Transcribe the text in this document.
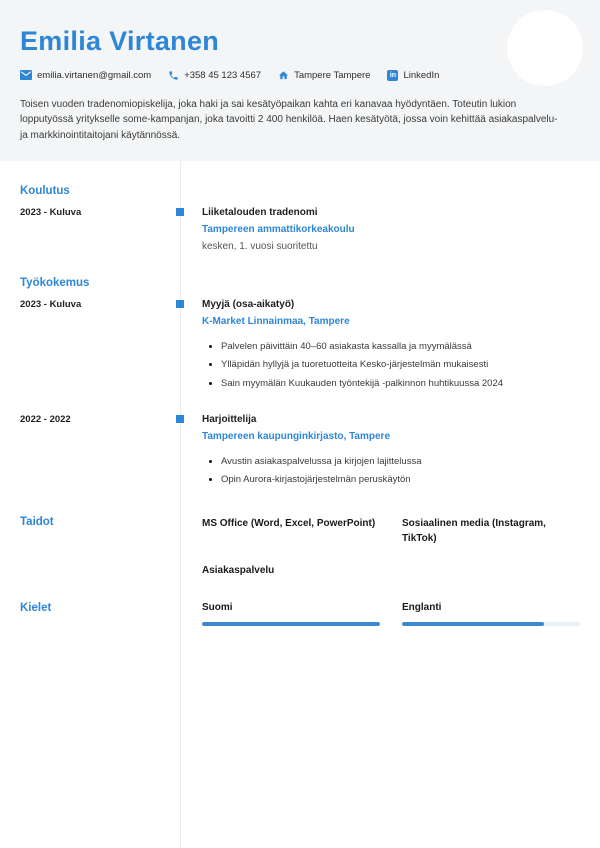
Emilia Virtanen
emilia.virtanen@gmail.com	+358 45 123 4567	Tampere Tampere	in LinkedIn
Toisen vuoden tradenomiopiskelija, joka haki ja sai kesätyöpaikan kahta eri kanavaa hyödyntäen. Toteutin lukion lopputyössä yritykselle some-kampanjan, joka tavoitti 2 400 henkilöä. Haen kesätyötä, jossa voin kehittää asiakaspalvelu- ja markkinointitaitojani käytännössä.
Koulutus
2023 - Kuluva	Liiketalouden tradenomi
Tampereen ammattikorkeakoulu
kesken, 1. vuosi suoritettu
Työkokemus
2023 - Kuluva	Myyjä (osa-aikatyö)
K-Market Linnainmaa, Tampere
• Palvelen päivittäin 40–60 asiakasta kassalla ja myymälässä
• Ylläpidän hyllyjä ja tuoretuotteita Kesko-järjestelmän mukaisesti
• Sain myymälän Kuukauden työntekijä -palkinnon huhtikuussa 2024
2022 - 2022	Harjoittelija
Tampereen kaupunginkirjasto, Tampere
• Avustin asiakaspalvelussa ja kirjojen lajittelussa
• Opin Aurora-kirjastojärjestelmän peruskäytön
Taidot	MS Office (Word, Excel, PowerPoint)	Sosiaalinen media (Instagram, TikTok)
Asiakaspalvelu
Kielet	Suomi	Englanti
